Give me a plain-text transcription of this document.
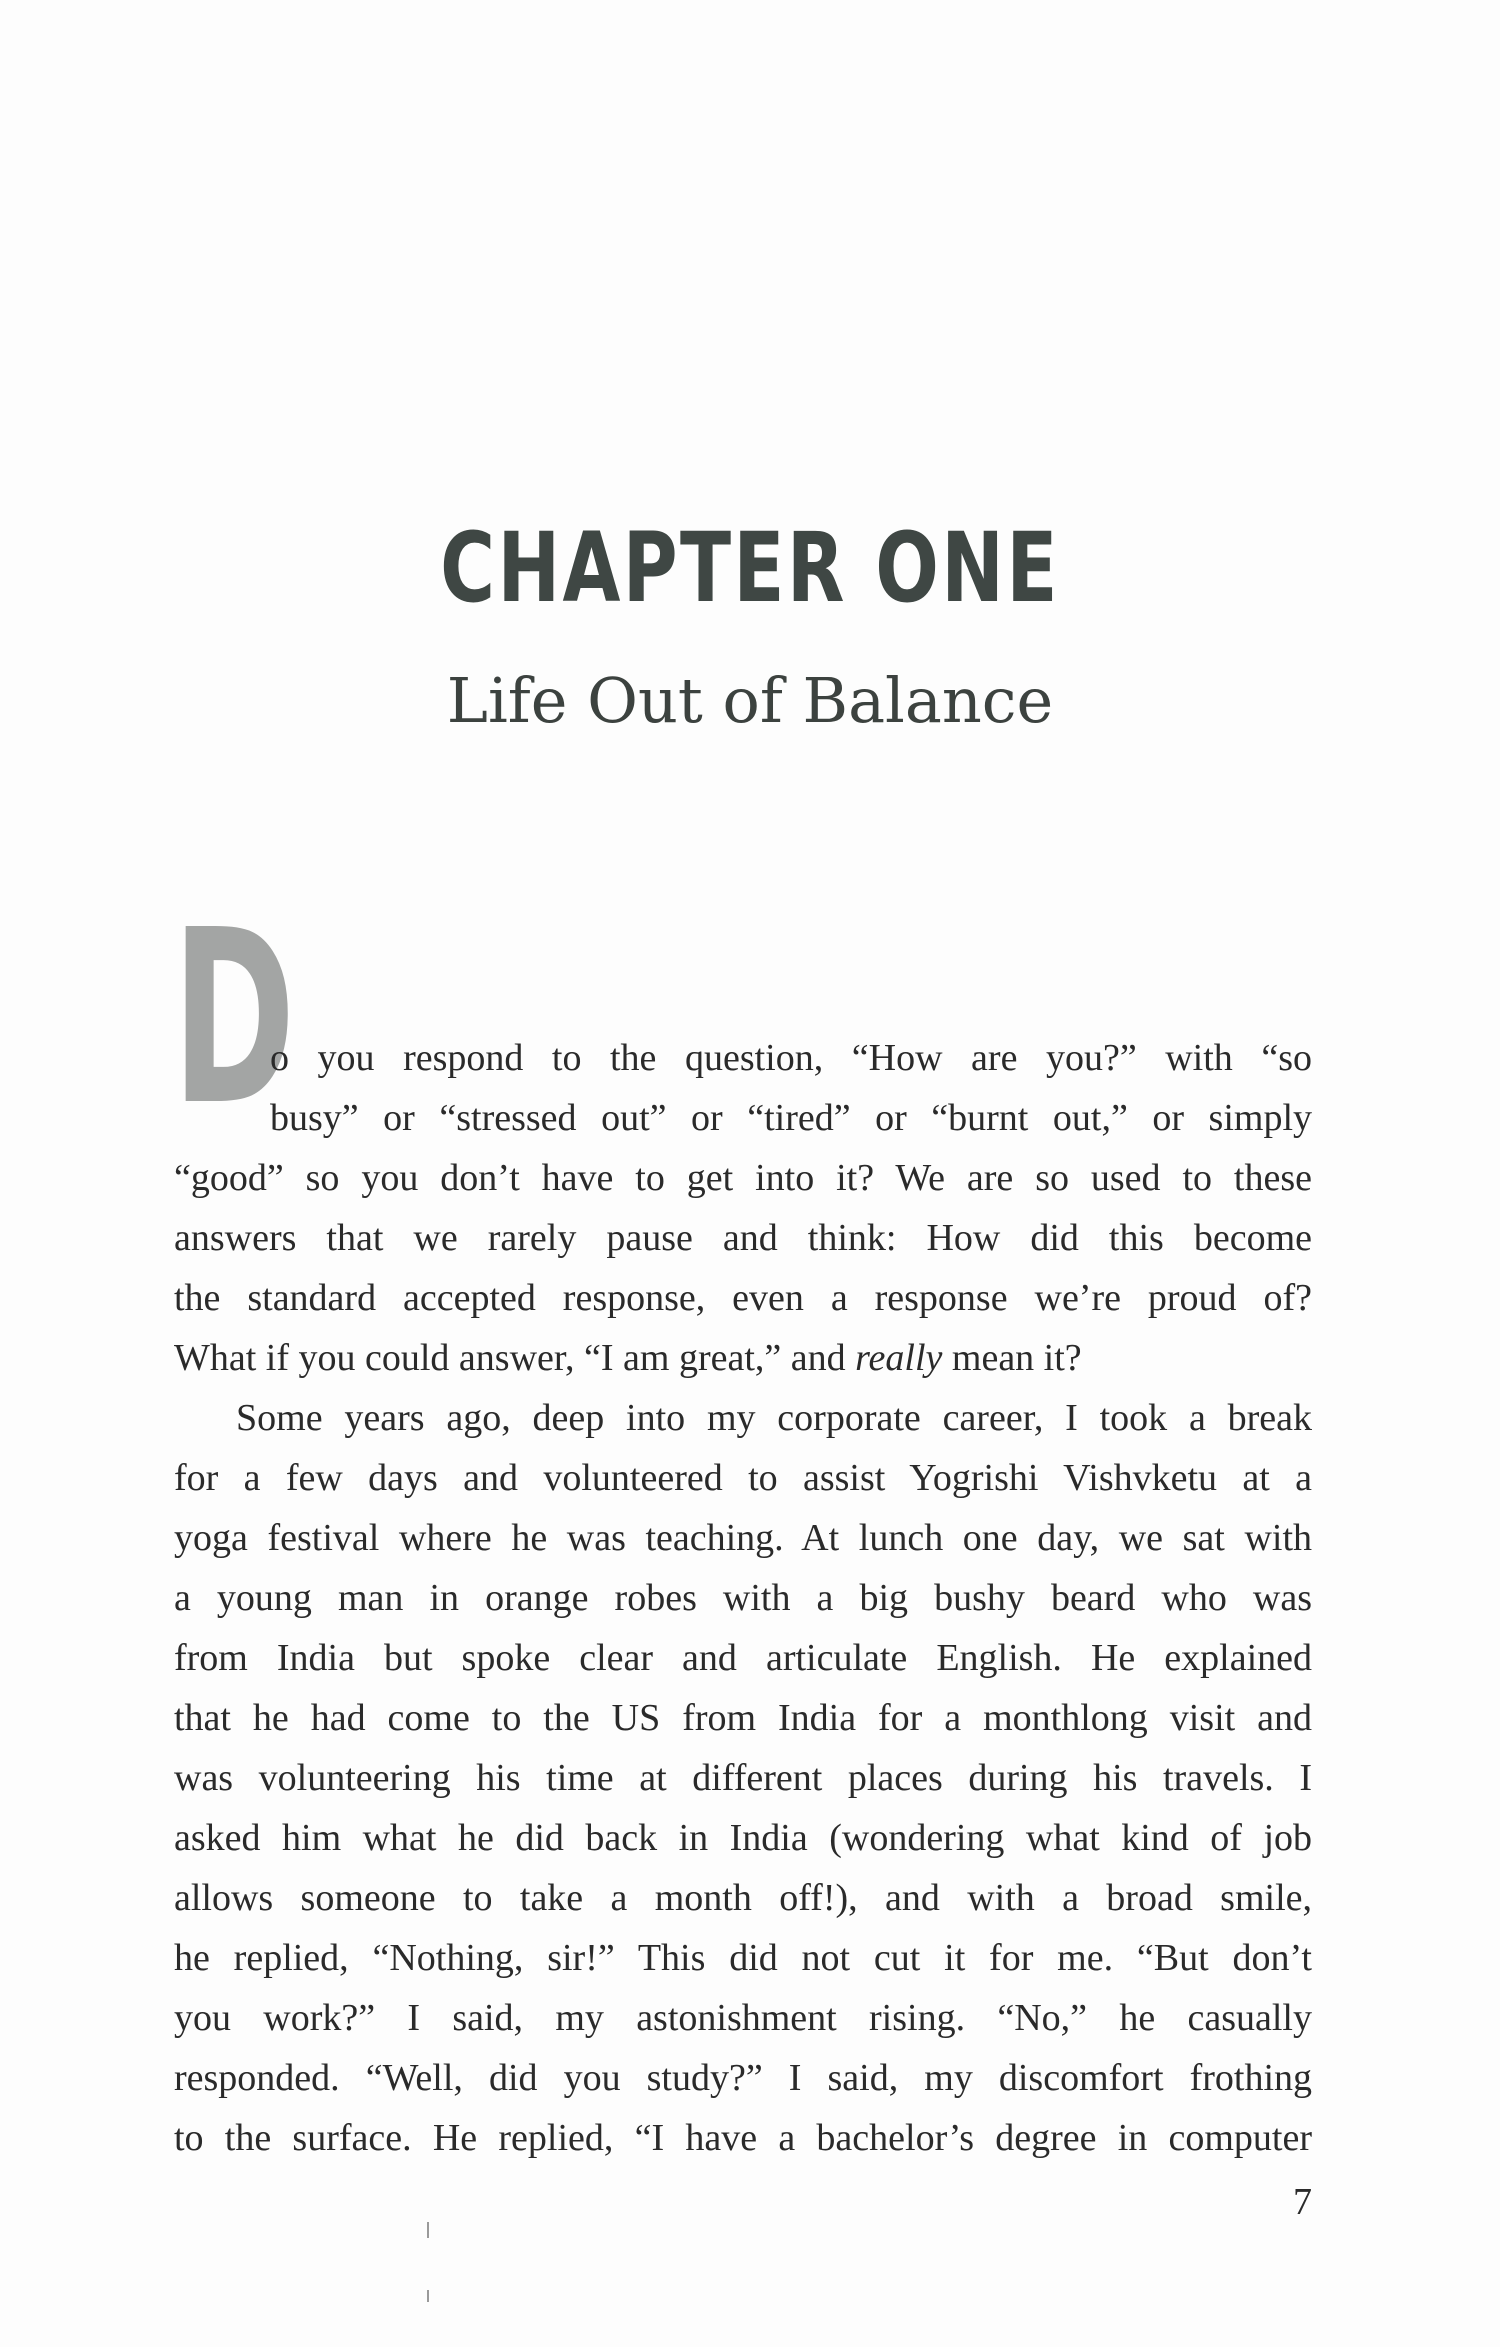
CHAPTER ONE
Life Out of Balance
D
o you respond to the question, “How are you?” with “so
busy” or “stressed out” or “tired” or “burnt out,” or simply
“good” so you don’t have to get into it? We are so used to these
answers that we rarely pause and think: How did this become
the standard accepted response, even a response we’re proud of?
What if you could answer, “I am great,” and really mean it?
Some years ago, deep into my corporate career, I took a break
for a few days and volunteered to assist Yogrishi Vishvketu at a
yoga festival where he was teaching. At lunch one day, we sat with
a young man in orange robes with a big bushy beard who was
from India but spoke clear and articulate English. He explained
that he had come to the US from India for a monthlong visit and
was volunteering his time at different places during his travels. I
asked him what he did back in India (wondering what kind of job
allows someone to take a month off!), and with a broad smile,
he replied, “Nothing, sir!” This did not cut it for me. “But don’t
you work?” I said, my astonishment rising. “No,” he casually
responded. “Well, did you study?” I said, my discomfort frothing
to the surface. He replied, “I have a bachelor’s degree in computer
7
